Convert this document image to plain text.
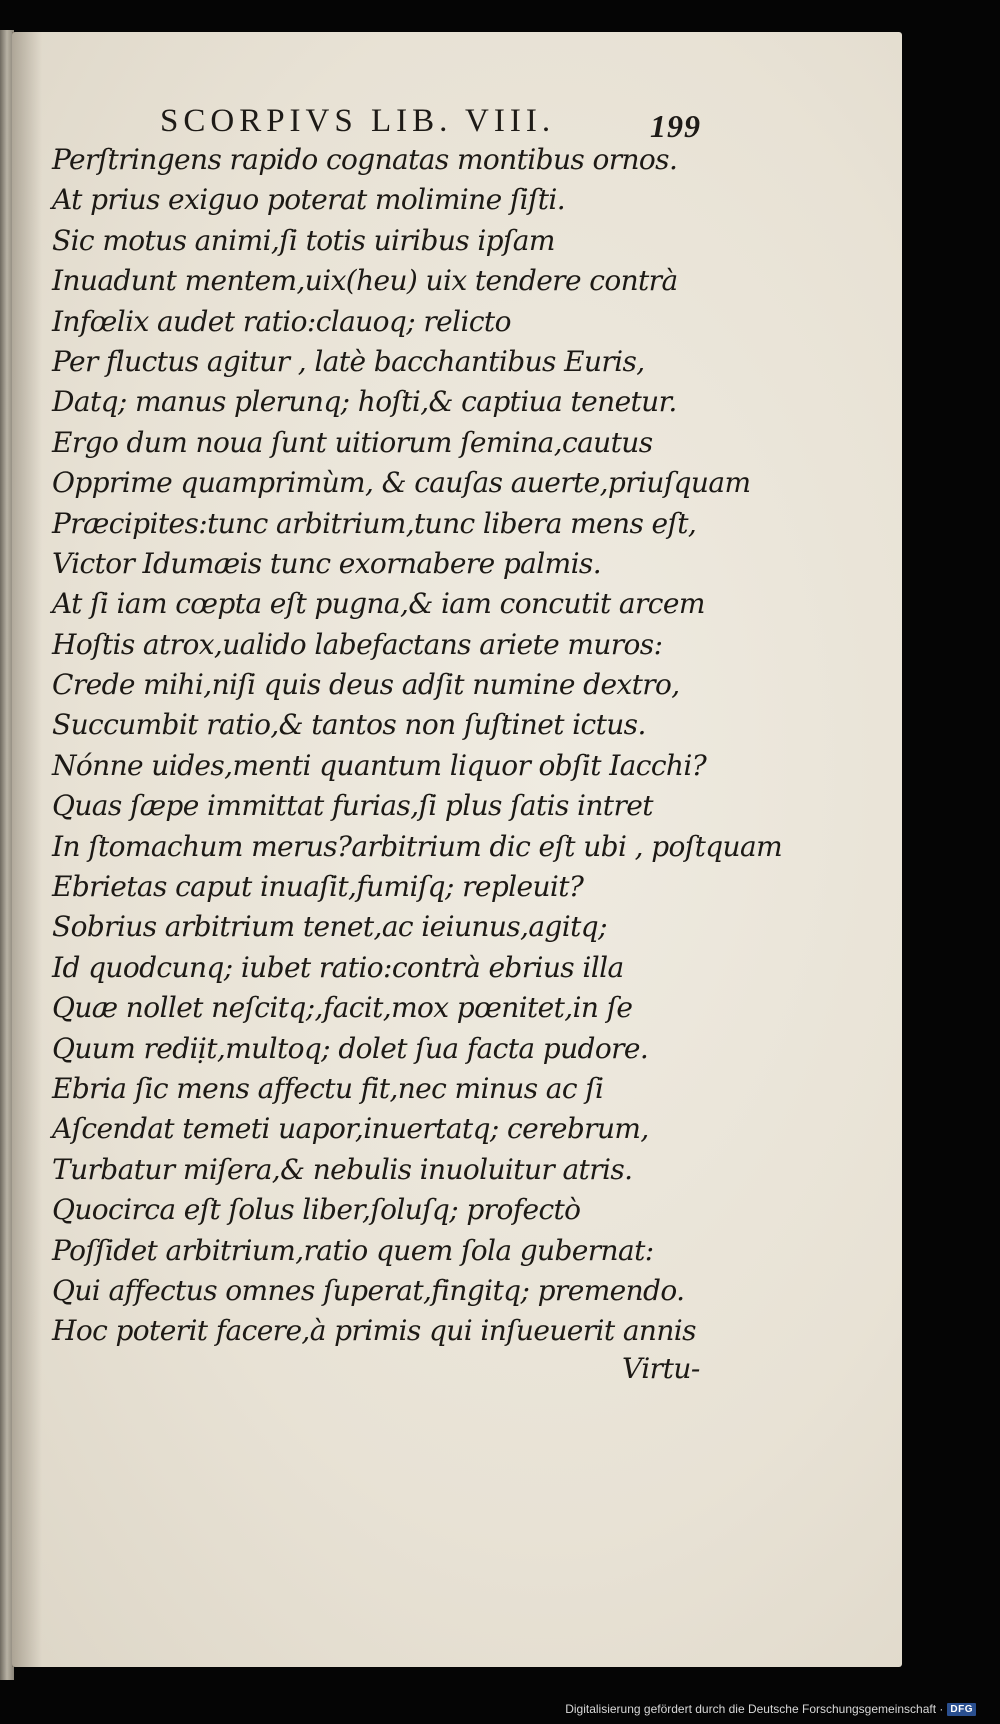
SCORPIVS LIB. VIII.	199
Perſtringens rapido cognatas montibus ornos.
At prius exiguo poterat molimine ſiſti.
Sic motus animi,ſi totis uiribus ipſam
Inuadunt mentem,uix(heu) uix tendere contrà
Infœlix audet ratio:clauoq; relicto
Per fluctus agitur , latè bacchantibus Euris,
Datq; manus plerunq; hoſti,& captiua tenetur.
Ergo dum noua ſunt uitiorum ſemina,cautus
Opprime quamprimùm, & cauſas auerte,priuſquam
Præcipites:tunc arbitrium,tunc libera mens eſt,
Victor Idumæis tunc exornabere palmis.
At ſi iam cœpta eſt pugna,& iam concutit arcem
Hoſtis atrox,ualido labefactans ariete muros:
Crede mihi,niſi quis deus adſit numine dextro,
Succumbit ratio,& tantos non ſuſtinet ictus.
Nónne uides,menti quantum liquor obſit Iacchi?
Quas ſæpe immittat furias,ſi plus ſatis intret
In ſtomachum merus?arbitrium dic eſt ubi , poſtquam
Ebrietas caput inuaſit,fumiſq; repleuit?
Sobrius arbitrium tenet,ac ieiunus,agitq;
Id quodcunq; iubet ratio:contrà ebrius illa
Quæ nollet neſcitq;,facit,mox pœnitet,in ſe
Quum rediịt,multoq; dolet ſua facta pudore.
Ebria ſic mens affectu fit,nec minus ac ſi
Aſcendat temeti uapor,inuertatq; cerebrum,
Turbatur miſera,& nebulis inuoluitur atris.
Quocirca eſt ſolus liber,ſoluſq; profectò
Poſſidet arbitrium,ratio quem ſola gubernat:
Qui affectus omnes ſuperat,fingitq; premendo.
Hoc poterit facere,à primis qui inſueuerit annis
Virtu-
Digitalisierung gefördert durch die Deutsche Forschungsgemeinschaft · DFG
